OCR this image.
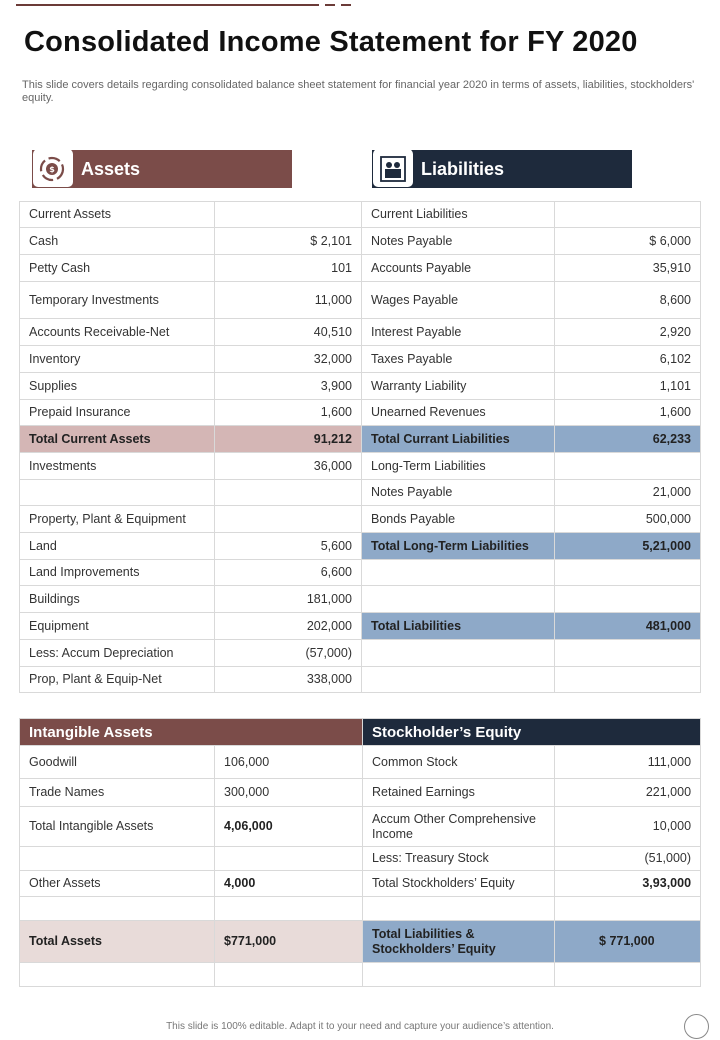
Consolidated Income Statement for FY 2020

This slide covers details regarding consolidated balance sheet statement for financial year 2020 in terms of assets, liabilities, stockholders' equity.

$ Assets	Liabilities
Current Assets		Current Liabilities	
Cash	$ 2,101	Notes Payable	$ 6,000
Petty Cash	101	Accounts Payable	35,910
Temporary Investments	11,000	Wages Payable	8,600
Accounts Receivable-Net	40,510	Interest Payable	2,920
Inventory	32,000	Taxes Payable	6,102
Supplies	3,900	Warranty Liability	1,101
Prepaid Insurance	1,600	Unearned Revenues	1,600
Total Current Assets	91,212	Total Currant Liabilities	62,233
Investments	36,000	Long-Term Liabilities	
		Notes Payable	21,000
Property, Plant & Equipment		Bonds Payable	500,000
Land	5,600	Total Long-Term Liabilities	5,21,000
Land Improvements	6,600		
Buildings	181,000		
Equipment	202,000	Total Liabilities	481,000
Less: Accum Depreciation	(57,000)		
Prop, Plant & Equip-Net	338,000		
Intangible Assets		Stockholder’s Equity	
Goodwill	106,000	Common Stock	111,000
Trade Names	300,000	Retained Earnings	221,000
Total Intangible Assets	4,06,000	Accum Other Comprehensive Income	10,000
		Less: Treasury Stock	(51,000)
Other Assets	4,000	Total Stockholders’ Equity	3,93,000

Total Assets	$771,000	Total Liabilities & Stockholders’ Equity	$ 771,000

This slide is 100% editable. Adapt it to your need and capture your audience’s attention.
